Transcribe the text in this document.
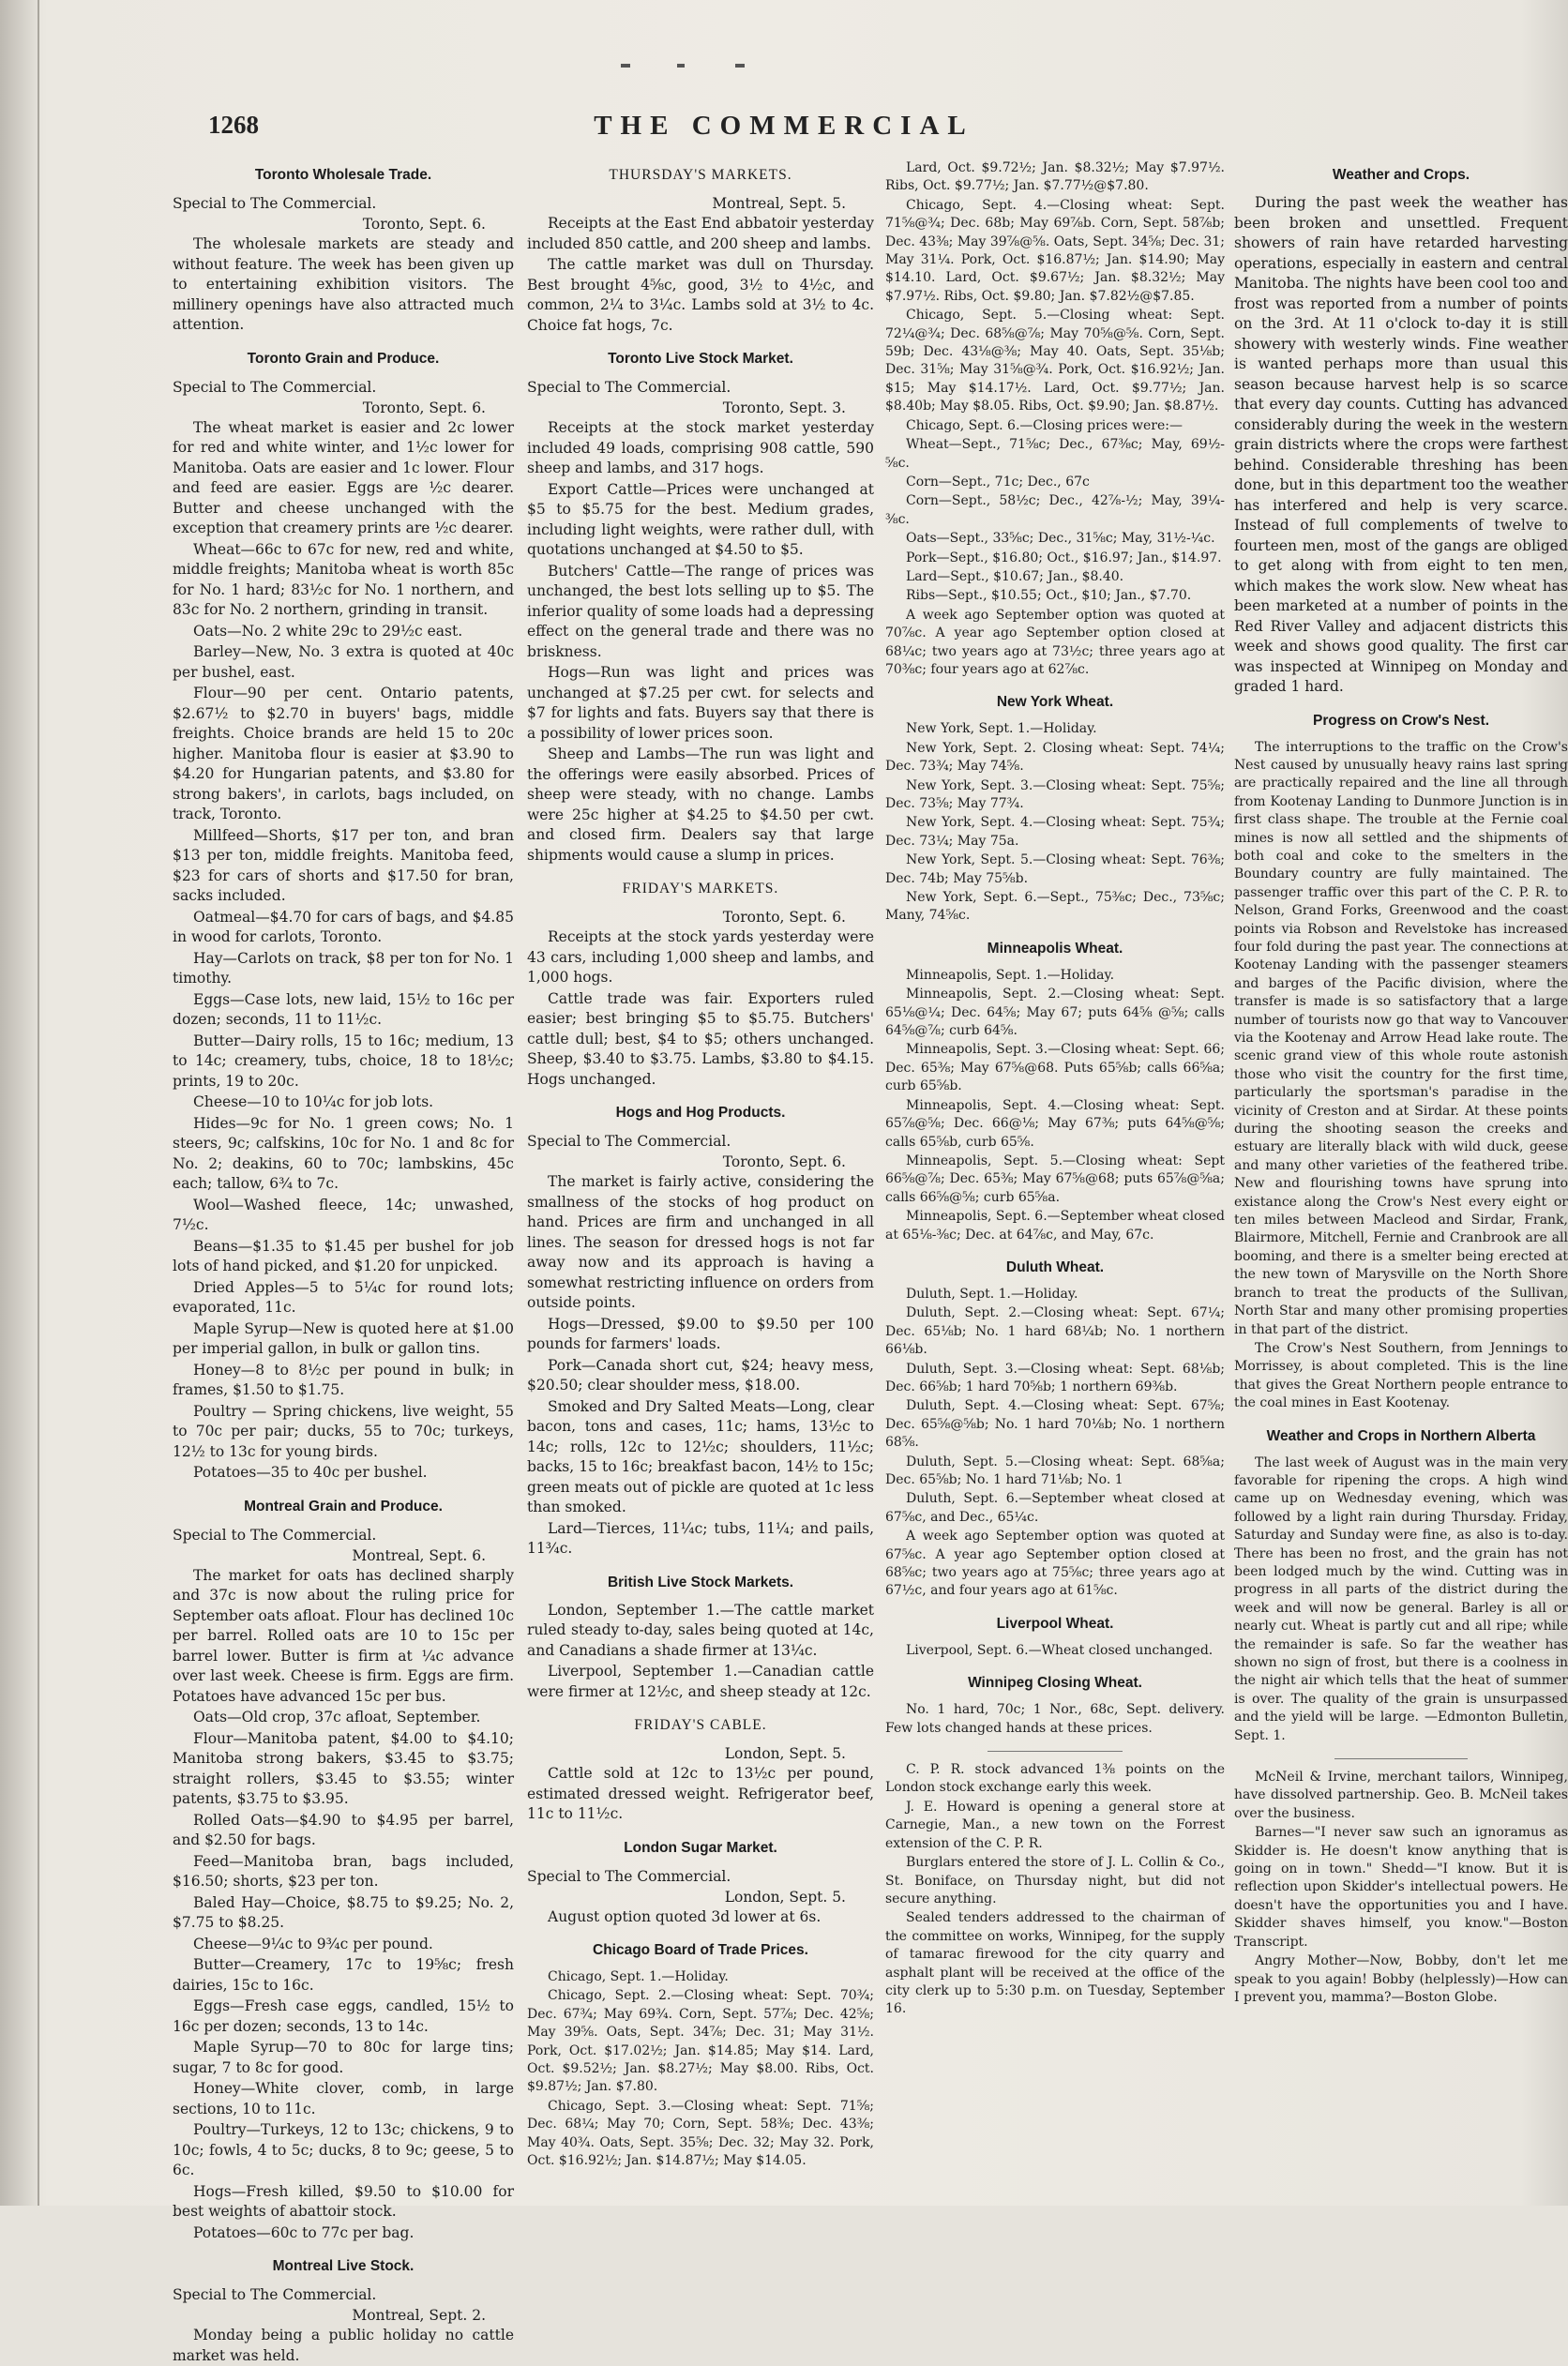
1268	THE COMMERCIAL
Toronto Wholesale Trade.
Special to The Commercial.
Toronto, Sept. 6.

The wholesale markets are steady and without feature. The week has been given up to entertaining exhibition visitors. The millinery openings have also attracted much attention.

Toronto Grain and Produce.
Special to The Commercial.
Toronto, Sept. 6.

The wheat market is easier and 2c lower for red and white winter, and 1½c lower for Manitoba. Oats are easier and 1c lower. Flour and feed are easier. Eggs are ½c dearer. Butter and cheese unchanged with the exception that creamery prints are ½c dearer.

Wheat—66c to 67c for new, red and white, middle freights; Manitoba wheat is worth 85c for No. 1 hard; 83½c for No. 1 northern, and 83c for No. 2 northern, grinding in transit.

Oats—No. 2 white 29c to 29½c east.

Barley—New, No. 3 extra is quoted at 40c per bushel, east.

Flour—90 per cent. Ontario patents, $2.67½ to $2.70 in buyers' bags, middle freights. Choice brands are held 15 to 20c higher. Manitoba flour is easier at $3.90 to $4.20 for Hungarian patents, and $3.80 for strong bakers', in carlots, bags included, on track, Toronto.

Millfeed—Shorts, $17 per ton, and bran $13 per ton, middle freights. Manitoba feed, $23 for cars of shorts and $17.50 for bran, sacks included.

Oatmeal—$4.70 for cars of bags, and $4.85 in wood for carlots, Toronto.

Hay—Carlots on track, $8 per ton for No. 1 timothy.

Eggs—Case lots, new laid, 15½ to 16c per dozen; seconds, 11 to 11½c.

Butter—Dairy rolls, 15 to 16c; medium, 13 to 14c; creamery, tubs, choice, 18 to 18½c; prints, 19 to 20c.

Cheese—10 to 10¼c for job lots.

Hides—9c for No. 1 green cows; No. 1 steers, 9c; calfskins, 10c for No. 1 and 8c for No. 2; deakins, 60 to 70c; lambskins, 45c each; tallow, 6¾ to 7c.

Wool—Washed fleece, 14c; unwashed, 7½c.

Beans—$1.35 to $1.45 per bushel for job lots of hand picked, and $1.20 for unpicked.

Dried Apples—5 to 5¼c for round lots; evaporated, 11c.

Maple Syrup—New is quoted here at $1.00 per imperial gallon, in bulk or gallon tins.

Honey—8 to 8½c per pound in bulk; in frames, $1.50 to $1.75.

Poultry — Spring chickens, live weight, 55 to 70c per pair; ducks, 55 to 70c; turkeys, 12½ to 13c for young birds.

Potatoes—35 to 40c per bushel.

Montreal Grain and Produce.
Special to The Commercial.
Montreal, Sept. 6.

The market for oats has declined sharply and 37c is now about the ruling price for September oats afloat. Flour has declined 10c per barrel. Rolled oats are 10 to 15c per barrel lower. Butter is firm at ¼c advance over last week. Cheese is firm. Eggs are firm. Potatoes have advanced 15c per bus.

Oats—Old crop, 37c afloat, September.

Flour—Manitoba patent, $4.00 to $4.10; Manitoba strong bakers, $3.45 to $3.75; straight rollers, $3.45 to $3.55; winter patents, $3.75 to $3.95.

Rolled Oats—$4.90 to $4.95 per barrel, and $2.50 for bags.

Feed—Manitoba bran, bags included, $16.50; shorts, $23 per ton.

Baled Hay—Choice, $8.75 to $9.25; No. 2, $7.75 to $8.25.

Cheese—9¼c to 9¾c per pound.

Butter—Creamery, 17c to 19⅝c; fresh dairies, 15c to 16c.

Eggs—Fresh case eggs, candled, 15½ to 16c per dozen; seconds, 13 to 14c.

Maple Syrup—70 to 80c for large tins; sugar, 7 to 8c for good.

Honey—White clover, comb, in large sections, 10 to 11c.

Poultry—Turkeys, 12 to 13c; chickens, 9 to 10c; fowls, 4 to 5c; ducks, 8 to 9c; geese, 5 to 6c.

Hogs—Fresh killed, $9.50 to $10.00 for best weights of abattoir stock.

Potatoes—60c to 77c per bag.

Montreal Live Stock.
Special to The Commercial.
Montreal, Sept. 2.

Monday being a public holiday no cattle market was held.

THURSDAY'S MARKETS.
Montreal, Sept. 5.

Receipts at the East End abbatoir yesterday included 850 cattle, and 200 sheep and lambs.

The cattle market was dull on Thursday. Best brought 4⅝c, good, 3½ to 4½c, and common, 2¼ to 3¼c. Lambs sold at 3½ to 4c. Choice fat hogs, 7c.

Toronto Live Stock Market.
Special to The Commercial.
Toronto, Sept. 3.

Receipts at the stock market yesterday included 49 loads, comprising 908 cattle, 590 sheep and lambs, and 317 hogs.

Export Cattle—Prices were unchanged at $5 to $5.75 for the best. Medium grades, including light weights, were rather dull, with quotations unchanged at $4.50 to $5.

Butchers' Cattle—The range of prices was unchanged, the best lots selling up to $5. The inferior quality of some loads had a depressing effect on the general trade and there was no briskness.

Hogs—Run was light and prices was unchanged at $7.25 per cwt. for selects and $7 for lights and fats. Buyers say that there is a possibility of lower prices soon.

Sheep and Lambs—The run was light and the offerings were easily absorbed. Prices of sheep were steady, with no change. Lambs were 25c higher at $4.25 to $4.50 per cwt. and closed firm. Dealers say that large shipments would cause a slump in prices.

FRIDAY'S MARKETS.
Toronto, Sept. 6.

Receipts at the stock yards yesterday were 43 cars, including 1,000 sheep and lambs, and 1,000 hogs.

Cattle trade was fair. Exporters ruled easier; best bringing $5 to $5.75. Butchers' cattle dull; best, $4 to $5; others unchanged. Sheep, $3.40 to $3.75. Lambs, $3.80 to $4.15. Hogs unchanged.

Hogs and Hog Products.
Special to The Commercial.
Toronto, Sept. 6.

The market is fairly active, considering the smallness of the stocks of hog product on hand. Prices are firm and unchanged in all lines. The season for dressed hogs is not far away now and its approach is having a somewhat restricting influence on orders from outside points.

Hogs—Dressed, $9.00 to $9.50 per 100 pounds for farmers' loads.

Pork—Canada short cut, $24; heavy mess, $20.50; clear shoulder mess, $18.00.

Smoked and Dry Salted Meats—Long, clear bacon, tons and cases, 11c; hams, 13½c to 14c; rolls, 12c to 12½c; shoulders, 11½c; backs, 15 to 16c; breakfast bacon, 14½ to 15c; green meats out of pickle are quoted at 1c less than smoked.

Lard—Tierces, 11¼c; tubs, 11¼; and pails, 11¾c.

British Live Stock Markets.

London, September 1.—The cattle market ruled steady to-day, sales being quoted at 14c, and Canadians a shade firmer at 13¼c.

Liverpool, September 1.—Canadian cattle were firmer at 12½c, and sheep steady at 12c.

FRIDAY'S CABLE.
London, Sept. 5.

Cattle sold at 12c to 13½c per pound, estimated dressed weight. Refrigerator beef, 11c to 11½c.

London Sugar Market.
Special to The Commercial.
London, Sept. 5.

August option quoted 3d lower at 6s.

Chicago Board of Trade Prices.

Chicago, Sept. 1.—Holiday.

Chicago, Sept. 2.—Closing wheat: Sept. 70¾; Dec. 67¾; May 69¾. Corn, Sept. 57⅞; Dec. 42⅝; May 39⅝. Oats, Sept. 34⅞; Dec. 31; May 31½. Pork, Oct. $17.02½; Jan. $14.85; May $14. Lard, Oct. $9.52½; Jan. $8.27½; May $8.00. Ribs, Oct. $9.87½; Jan. $7.80.

Chicago, Sept. 3.—Closing wheat: Sept. 71⅝; Dec. 68¼; May 70; Corn, Sept. 58⅜; Dec. 43⅜; May 40¾. Oats, Sept. 35⅝; Dec. 32; May 32. Pork, Oct. $16.92½; Jan. $14.87½; May $14.05.

Lard, Oct. $9.72½; Jan. $8.32½; May $7.97½. Ribs, Oct. $9.77½; Jan. $7.77½@$7.80.

Chicago, Sept. 4.—Closing wheat: Sept. 71⅝@¾; Dec. 68b; May 69⅞b. Corn, Sept. 58⅞b; Dec. 43⅜; May 39⅞@⅝. Oats, Sept. 34⅝; Dec. 31; May 31¼. Pork, Oct. $16.87½; Jan. $14.90; May $14.10. Lard, Oct. $9.67½; Jan. $8.32½; May $7.97½. Ribs, Oct. $9.80; Jan. $7.82½@$7.85.

Chicago, Sept. 5.—Closing wheat: Sept. 72¼@¾; Dec. 68⅝@⅞; May 70⅝@⅝. Corn, Sept. 59b; Dec. 43⅛@⅜; May 40. Oats, Sept. 35⅛b; Dec. 31⅝; May 31⅝@¾. Pork, Oct. $16.92½; Jan. $15; May $14.17½. Lard, Oct. $9.77½; Jan. $8.40b; May $8.05. Ribs, Oct. $9.90; Jan. $8.87½.

Chicago, Sept. 6.—Closing prices were:—

Wheat—Sept., 71⅝c; Dec., 67⅜c; May, 69½-⅝c.

Corn—Sept., 71c; Dec., 67c

Corn—Sept., 58½c; Dec., 42⅞-½; May, 39¼-⅜c.

Oats—Sept., 33⅝c; Dec., 31⅝c; May, 31½-¼c.

Pork—Sept., $16.80; Oct., $16.97; Jan., $14.97.

Lard—Sept., $10.67; Jan., $8.40.

Ribs—Sept., $10.55; Oct., $10; Jan., $7.70.

A week ago September option was quoted at 70⅞c. A year ago September option closed at 68¼c; two years ago at 73½c; three years ago at 70⅜c; four years ago at 62⅞c.

New York Wheat.

New York, Sept. 1.—Holiday.

New York, Sept. 2. Closing wheat: Sept. 74¼; Dec. 73¾; May 74⅝.

New York, Sept. 3.—Closing wheat: Sept. 75⅝; Dec. 73⅝; May 77¾.

New York, Sept. 4.—Closing wheat: Sept. 75¾; Dec. 73¼; May 75a.

New York, Sept. 5.—Closing wheat: Sept. 76⅜; Dec. 74b; May 75⅝b.

New York, Sept. 6.—Sept., 75⅜c; Dec., 73⅝c; Many, 74⅝c.

Minneapolis Wheat.

Minneapolis, Sept. 1.—Holiday.

Minneapolis, Sept. 2.—Closing wheat: Sept. 65⅛@¼; Dec. 64⅝; May 67; puts 64⅝ @⅝; calls 64⅝@⅞; curb 64⅝.

Minneapolis, Sept. 3.—Closing wheat: Sept. 66; Dec. 65⅜; May 67⅝@68. Puts 65⅝b; calls 66⅝a; curb 65⅝b.

Minneapolis, Sept. 4.—Closing wheat: Sept. 65⅞@⅝; Dec. 66@⅛; May 67⅜; puts 64⅝@⅝; calls 65⅝b, curb 65⅝.

Minneapolis, Sept. 5.—Closing wheat: Sept 66⅝@⅞; Dec. 65⅜; May 67⅝@68; puts 65⅞@⅝a; calls 66⅝@⅝; curb 65⅝a.

Minneapolis, Sept. 6.—September wheat closed at 65⅛-⅜c; Dec. at 64⅞c, and May, 67c.

Duluth Wheat.

Duluth, Sept. 1.—Holiday.

Duluth, Sept. 2.—Closing wheat: Sept. 67¼; Dec. 65⅛b; No. 1 hard 68¼b; No. 1 northern 66⅛b.

Duluth, Sept. 3.—Closing wheat: Sept. 68⅛b; Dec. 66⅝b; 1 hard 70⅝b; 1 northern 69⅜b.

Duluth, Sept. 4.—Closing wheat: Sept. 67⅝; Dec. 65⅝@⅝b; No. 1 hard 70⅛b; No. 1 northern 68⅝.

Duluth, Sept. 5.—Closing wheat: Sept. 68⅝a; Dec. 65⅝b; No. 1 hard 71⅛b; No. 1

Duluth, Sept. 6.—September wheat closed at 67⅝c, and Dec., 65¼c.

A week ago September option was quoted at 67⅝c. A year ago September option closed at 68⅝c; two years ago at 75⅝c; three years ago at 67½c, and four years ago at 61⅝c.

Liverpool Wheat.

Liverpool, Sept. 6.—Wheat closed unchanged.

Winnipeg Closing Wheat.

No. 1 hard, 70c; 1 Nor., 68c, Sept. delivery. Few lots changed hands at these prices.

C. P. R. stock advanced 1⅜ points on the London stock exchange early this week.

J. E. Howard is opening a general store at Carnegie, Man., a new town on the Forrest extension of the C. P. R.

Burglars entered the store of J. L. Collin & Co., St. Boniface, on Thursday night, but did not secure anything.

Sealed tenders addressed to the chairman of the committee on works, Winnipeg, for the supply of tamarac firewood for the city quarry and asphalt plant will be received at the office of the city clerk up to 5:30 p.m. on Tuesday, September 16.

Weather and Crops.

During the past week the weather has been broken and unsettled. Frequent showers of rain have retarded harvesting operations, especially in eastern and central Manitoba. The nights have been cool too and frost was reported from a number of points on the 3rd. At 11 o'clock to-day it is still showery with westerly winds. Fine weather is wanted perhaps more than usual this season because harvest help is so scarce that every day counts. Cutting has advanced considerably during the week in the western grain districts where the crops were farthest behind. Considerable threshing has been done, but in this department too the weather has interfered and help is very scarce. Instead of full complements of twelve to fourteen men, most of the gangs are obliged to get along with from eight to ten men, which makes the work slow. New wheat has been marketed at a number of points in the Red River Valley and adjacent districts this week and shows good quality. The first car was inspected at Winnipeg on Monday and graded 1 hard.

Progress on Crow's Nest.

The interruptions to the traffic on the Crow's Nest caused by unusually heavy rains last spring are practically repaired and the line all through from Kootenay Landing to Dunmore Junction is in first class shape. The trouble at the Fernie coal mines is now all settled and the shipments of both coal and coke to the smelters in the Boundary country are fully maintained. The passenger traffic over this part of the C. P. R. to Nelson, Grand Forks, Greenwood and the coast points via Robson and Revelstoke has increased four fold during the past year. The connections at Kootenay Landing with the passenger steamers and barges of the Pacific division, where the transfer is made is so satisfactory that a large number of tourists now go that way to Vancouver via the Kootenay and Arrow Head lake route. The scenic grand view of this whole route astonish those who visit the country for the first time, particularly the sportsman's paradise in the vicinity of Creston and at Sirdar. At these points during the shooting season the creeks and estuary are literally black with wild duck, geese and many other varieties of the feathered tribe. New and flourishing towns have sprung into existance along the Crow's Nest every eight or ten miles between Macleod and Sirdar, Frank, Blairmore, Mitchell, Fernie and Cranbrook are all booming, and there is a smelter being erected at the new town of Marysville on the North Shore branch to treat the products of the Sullivan, North Star and many other promising properties in that part of the district.

The Crow's Nest Southern, from Jennings to Morrissey, is about completed. This is the line that gives the Great Northern people entrance to the coal mines in East Kootenay.

Weather and Crops in Northern Alberta

The last week of August was in the main very favorable for ripening the crops. A high wind came up on Wednesday evening, which was followed by a light rain during Thursday. Friday, Saturday and Sunday were fine, as also is to-day. There has been no frost, and the grain has not been lodged much by the wind. Cutting was in progress in all parts of the district during the week and will now be general. Barley is all or nearly cut. Wheat is partly cut and all ripe; while the remainder is safe. So far the weather has shown no sign of frost, but there is a coolness in the night air which tells that the heat of summer is over. The quality of the grain is unsurpassed and the yield will be large. —Edmonton Bulletin, Sept. 1.

McNeil & Irvine, merchant tailors, Winnipeg, have dissolved partnership. Geo. B. McNeil takes over the business.

Barnes—"I never saw such an ignoramus as Skidder is. He doesn't know anything that is going on in town." Shedd—"I know. But it is reflection upon Skidder's intellectual powers. He doesn't have the opportunities you and I have. Skidder shaves himself, you know."—Boston Transcript.

Angry Mother—Now, Bobby, don't let me speak to you again! Bobby (helplessly)—How can I prevent you, mamma?—Boston Globe.
